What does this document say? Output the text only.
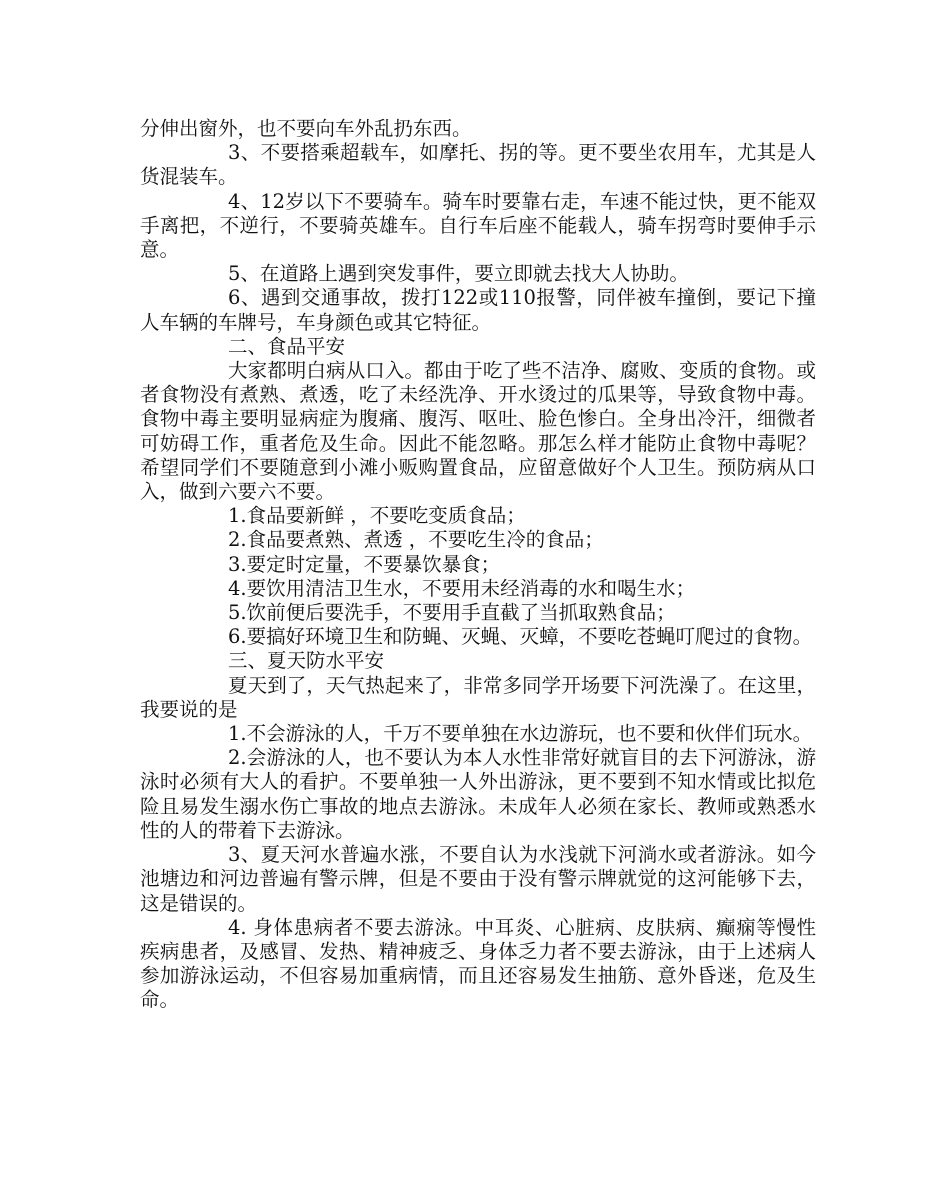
分伸出窗外，也不要向车外乱扔东西。

3、不要搭乘超载车，如摩托、拐的等。更不要坐农用车，尤其是人货混装车。

4、12岁以下不要骑车。骑车时要靠右走，车速不能过快，更不能双手离把，不逆行，不要骑英雄车。自行车后座不能载人，骑车拐弯时要伸手示意。

5、在道路上遇到突发事件，要立即就去找大人协助。

6、遇到交通事故，拨打122或110报警，同伴被车撞倒，要记下撞人车辆的车牌号，车身颜色或其它特征。

二、食品平安

大家都明白病从口入。都由于吃了些不洁净、腐败、变质的食物。或者食物没有煮熟、煮透，吃了未经洗净、开水烫过的瓜果等，导致食物中毒。食物中毒主要明显病症为腹痛、腹泻、呕吐、脸色惨白。全身出冷汗，细微者可妨碍工作，重者危及生命。因此不能忽略。那怎么样才能防止食物中毒呢？希望同学们不要随意到小滩小贩购置食品，应留意做好个人卫生。预防病从口入，做到六要六不要。

1.食品要新鲜 ，不要吃变质食品；

2.食品要煮熟、煮透 ，不要吃生冷的食品；

3.要定时定量，不要暴饮暴食；

4.要饮用清洁卫生水，不要用未经消毒的水和喝生水；

5.饮前便后要洗手，不要用手直截了当抓取熟食品；

6.要搞好环境卫生和防蝇、灭蝇、灭蟑，不要吃苍蝇叮爬过的食物。

三、夏天防水平安

夏天到了，天气热起来了，非常多同学开场要下河洗澡了。在这里，我要说的是

1.不会游泳的人，千万不要单独在水边游玩，也不要和伙伴们玩水。

2.会游泳的人，也不要认为本人水性非常好就盲目的去下河游泳，游泳时必须有大人的看护。不要单独一人外出游泳，更不要到不知水情或比拟危险且易发生溺水伤亡事故的地点去游泳。未成年人必须在家长、教师或熟悉水性的人的带着下去游泳。

3、夏天河水普遍水涨，不要自认为水浅就下河淌水或者游泳。如今池塘边和河边普遍有警示牌，但是不要由于没有警示牌就觉的这河能够下去，这是错误的。

4. 身体患病者不要去游泳。中耳炎、心脏病、皮肤病、癫痫等慢性疾病患者，及感冒、发热、精神疲乏、身体乏力者不要去游泳，由于上述病人参加游泳运动，不但容易加重病情，而且还容易发生抽筋、意外昏迷，危及生命。
